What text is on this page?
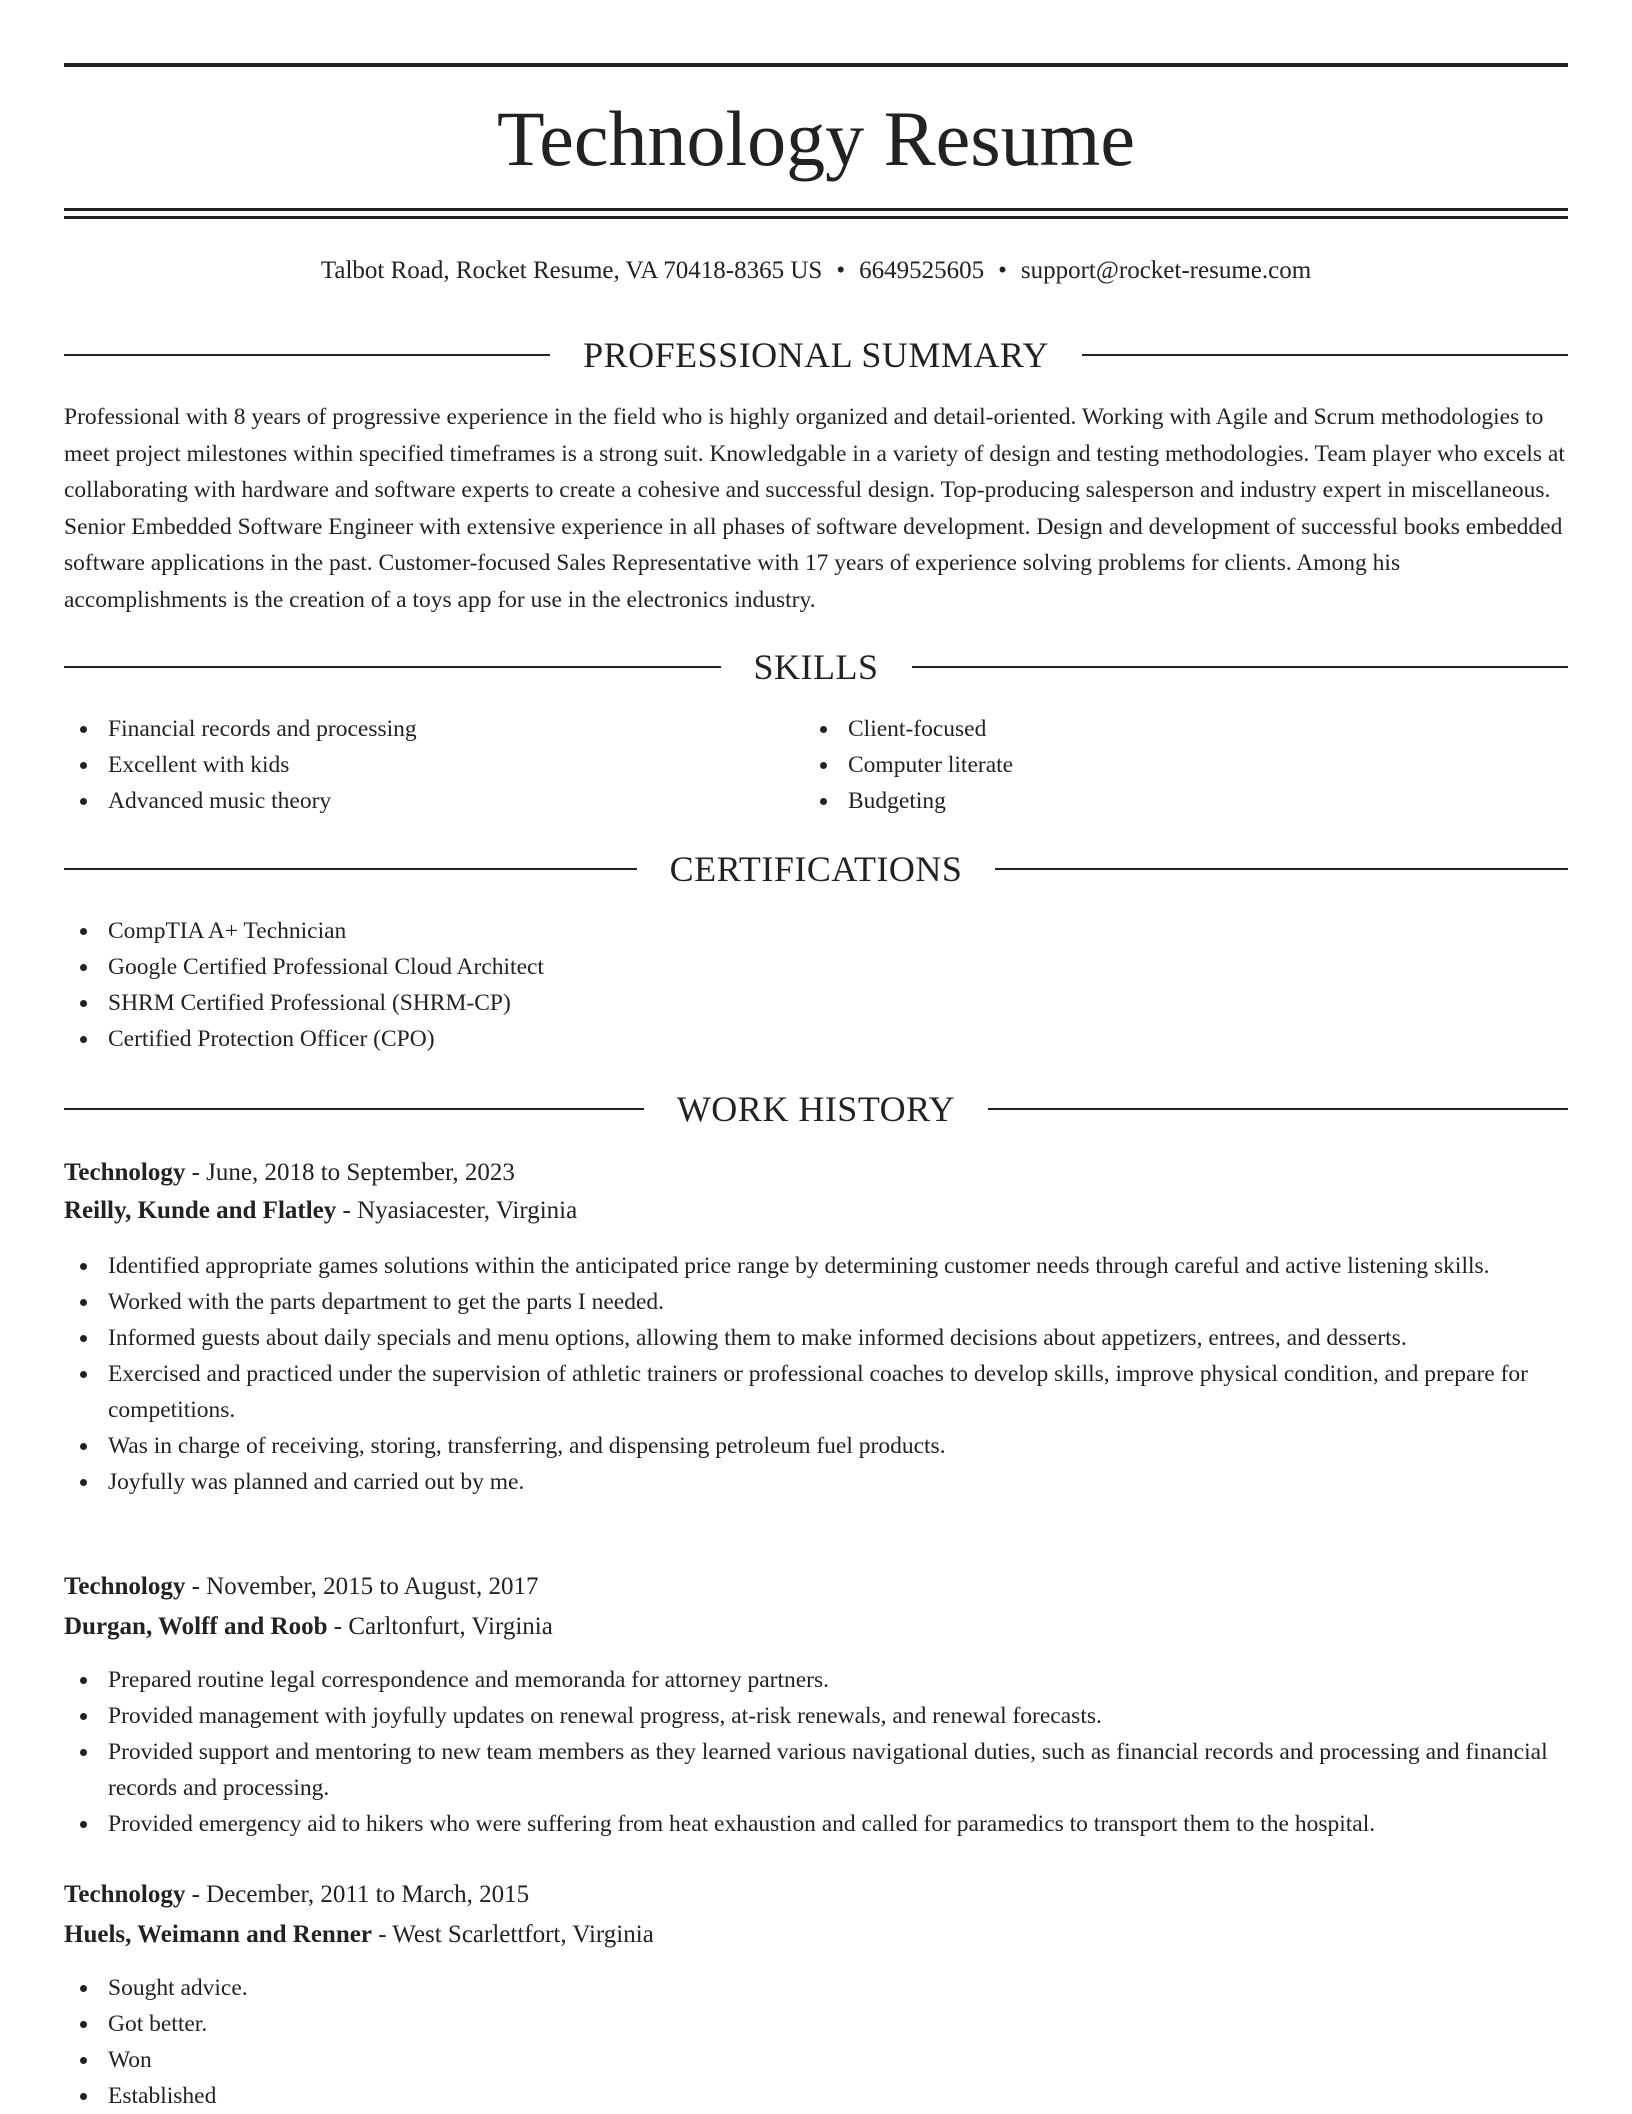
Technology Resume
Talbot Road, Rocket Resume, VA 70418-8365 US • 6649525605 • support@rocket-resume.com
PROFESSIONAL SUMMARY

Professional with 8 years of progressive experience in the field who is highly organized and detail-oriented. Working with Agile and Scrum methodologies to meet project milestones within specified timeframes is a strong suit. Knowledgable in a variety of design and testing methodologies. Team player who excels at collaborating with hardware and software experts to create a cohesive and successful design. Top-producing salesperson and industry expert in miscellaneous. Senior Embedded Software Engineer with extensive experience in all phases of software development. Design and development of successful books embedded software applications in the past. Customer-focused Sales Representative with 17 years of experience solving problems for clients. Among his accomplishments is the creation of a toys app for use in the electronics industry.

SKILLS
Financial records and processing
Excellent with kids
Advanced music theory
Client-focused
Computer literate
Budgeting
CERTIFICATIONS
CompTIA A+ Technician
Google Certified Professional Cloud Architect
SHRM Certified Professional (SHRM-CP)
Certified Protection Officer (CPO)
WORK HISTORY
Technology - June, 2018 to September, 2023
Reilly, Kunde and Flatley - Nyasiacester, Virginia
Identified appropriate games solutions within the anticipated price range by determining customer needs through careful and active listening skills.
Worked with the parts department to get the parts I needed.
Informed guests about daily specials and menu options, allowing them to make informed decisions about appetizers, entrees, and desserts.
Exercised and practiced under the supervision of athletic trainers or professional coaches to develop skills, improve physical condition, and prepare for competitions.
Was in charge of receiving, storing, transferring, and dispensing petroleum fuel products.
Joyfully was planned and carried out by me.
Technology - November, 2015 to August, 2017
Durgan, Wolff and Roob - Carltonfurt, Virginia
Prepared routine legal correspondence and memoranda for attorney partners.
Provided management with joyfully updates on renewal progress, at-risk renewals, and renewal forecasts.
Provided support and mentoring to new team members as they learned various navigational duties, such as financial records and processing and financial records and processing.
Provided emergency aid to hikers who were suffering from heat exhaustion and called for paramedics to transport them to the hospital.
Technology - December, 2011 to March, 2015
Huels, Weimann and Renner - West Scarlettfort, Virginia
Sought advice.
Got better.
Won
Established
